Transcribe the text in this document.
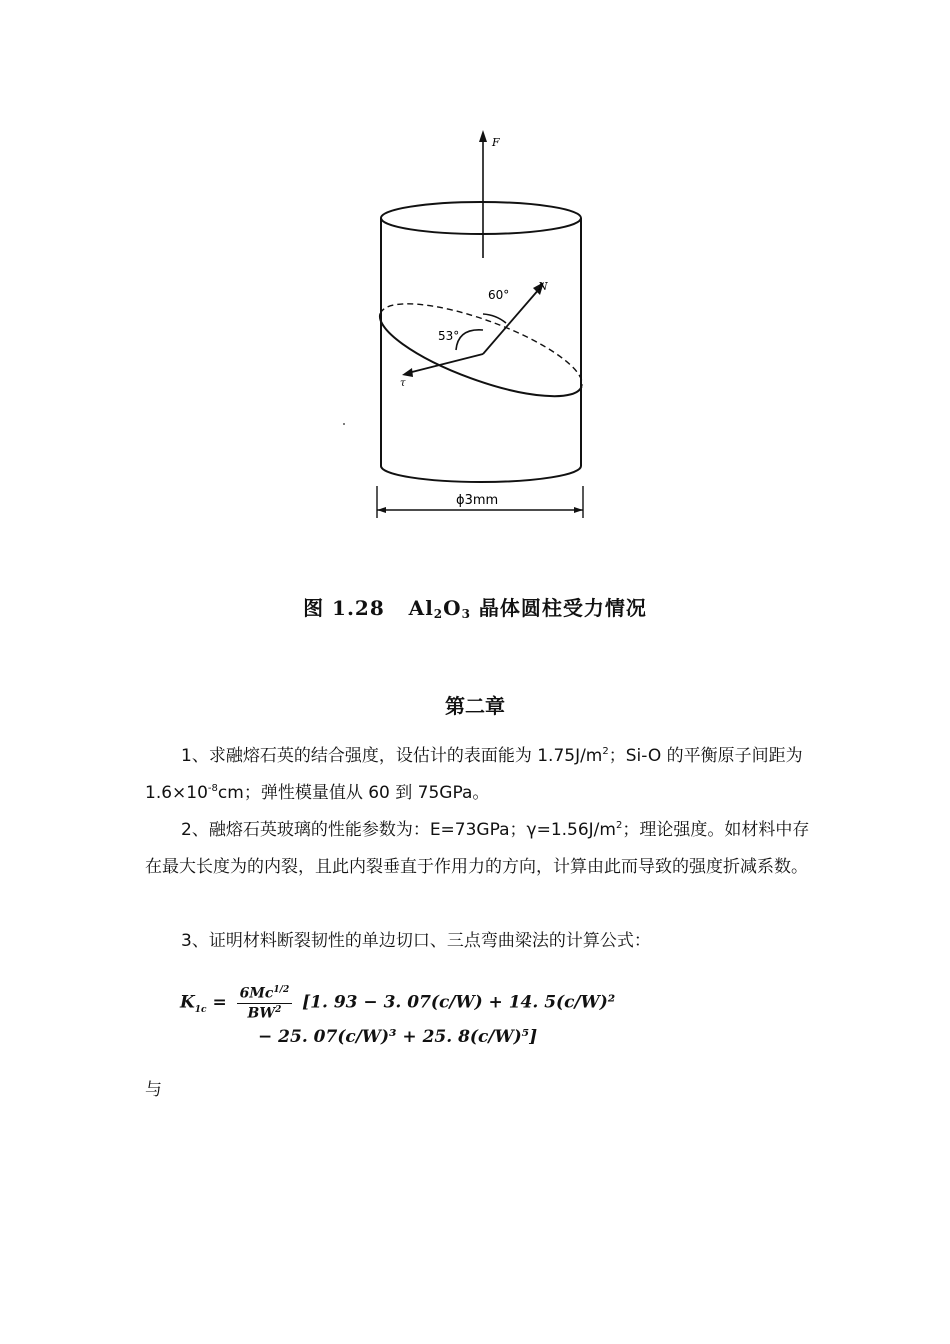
F
N
τ
60°
53°
ϕ3mm
图 1.28 $Al_2O_3$ 晶体圆柱受力情况
第二章
1、求融熔石英的结合强度，设估计的表面能为 $1.75J/m^2$；Si-O 的平衡原子间距为 $1.6\times 10^{-8}cm$；弹性模量值从 60 到 75GPa。
2、融熔石英玻璃的性能参数为：E=73GPa；$\gamma=1.56J/m^2$；理论强度。如材料中存在最大长度为的内裂，且此内裂垂直于作用力的方向，计算由此而导致的强度折减系数。
3、证明材料断裂韧性的单边切口、三点弯曲梁法的计算公式：
$K_{1c} = \frac{6Mc^{1/2}}{BW^2} [1$. 93 − 3. 07(c/W) + 14. 5(c/W)²
− 25. 07(c/W)³ + 25. 8(c/W)⁵]
与
